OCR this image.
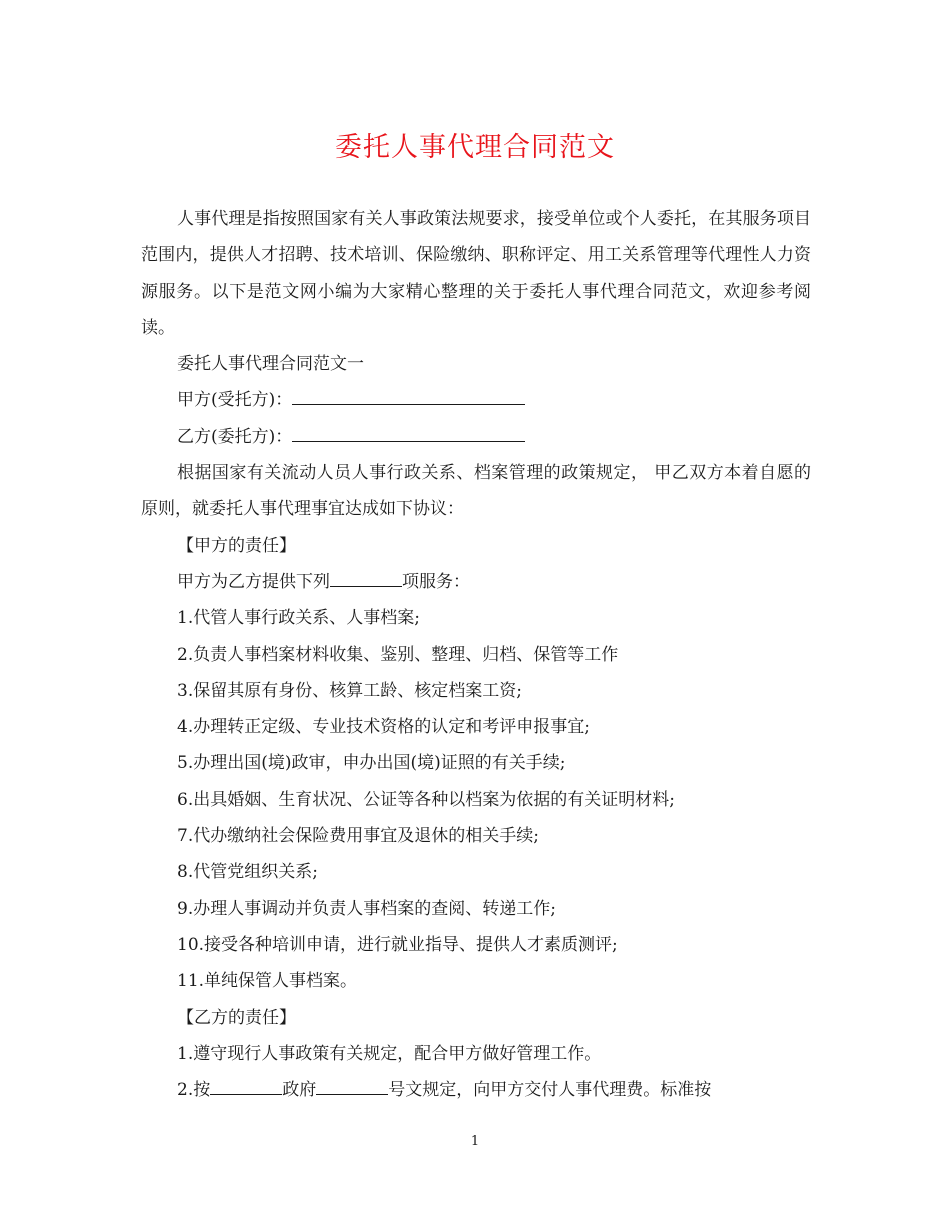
委托人事代理合同范文

人事代理是指按照国家有关人事政策法规要求，接受单位或个人委托，在其服务项目范围内，提供人才招聘、技术培训、保险缴纳、职称评定、用工关系管理等代理性人力资源服务。以下是范文网小编为大家精心整理的关于委托人事代理合同范文，欢迎参考阅读。

委托人事代理合同范文一

甲方(受托方)：

乙方(委托方)：

根据国家有关流动人员人事行政关系、档案管理的政策规定， 甲乙双方本着自愿的原则，就委托人事代理事宜达成如下协议：

【甲方的责任】

甲方为乙方提供下列	项服务：

1.代管人事行政关系、人事档案;

2.负责人事档案材料收集、鉴别、整理、归档、保管等工作

3.保留其原有身份、核算工龄、核定档案工资;

4.办理转正定级、专业技术资格的认定和考评申报事宜;

5.办理出国(境)政审，申办出国(境)证照的有关手续;

6.出具婚姻、生育状况、公证等各种以档案为依据的有关证明材料;

7.代办缴纳社会保险费用事宜及退休的相关手续;

8.代管党组织关系;

9.办理人事调动并负责人事档案的查阅、转递工作;

10.接受各种培训申请，进行就业指导、提供人才素质测评;

11.单纯保管人事档案。

【乙方的责任】

1.遵守现行人事政策有关规定，配合甲方做好管理工作。

2.按	政府	号文规定，向甲方交付人事代理费。标准按

1
